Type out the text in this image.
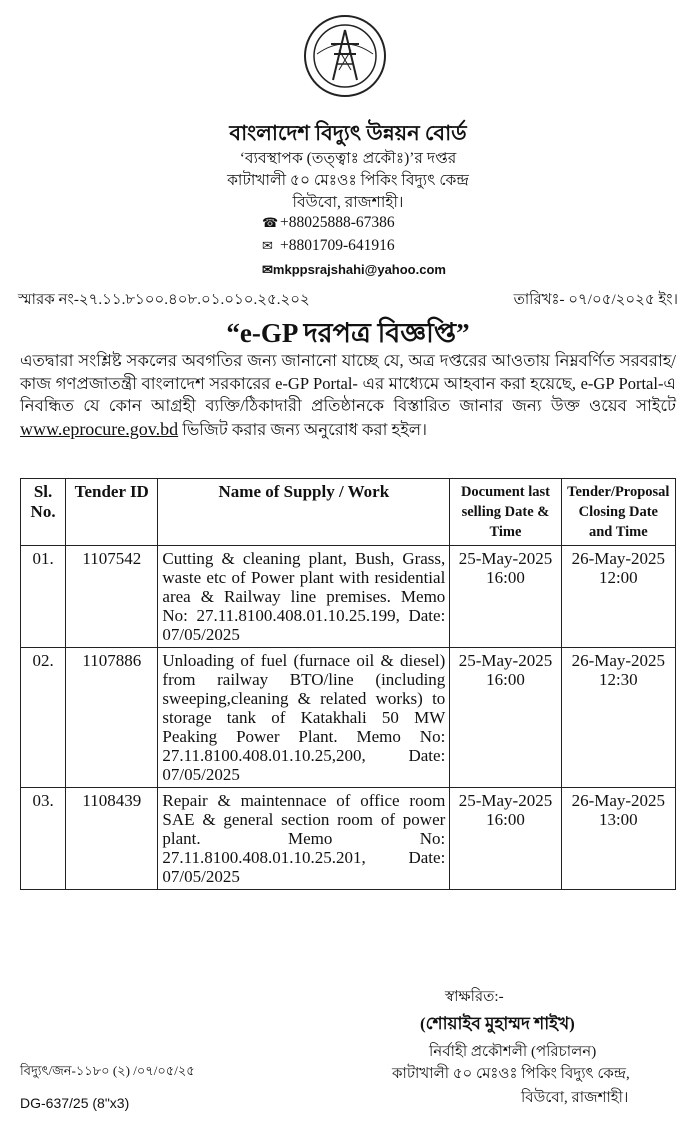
বাংলাদেশ বিদ্যুৎ উন্নয়ন বোর্ড
‘ব্যবস্থাপক (তত্ত্বাঃ প্রকৌঃ)’র দপ্তর
কাটাখালী ৫০ মেঃওঃ পিকিং বিদ্যুৎ কেন্দ্র
বিউবো, রাজশাহী।
☎ +88025888-67386
✉ +8801709-641916
✉mkppsrajshahi@yahoo.com
স্মারক নং-২৭.১১.৮১০০.৪০৮.০১.০১০.২৫.২০২	তারিখঃ- ০৭/০৫/২০২৫ ইং।
“e-GP দরপত্র বিজ্ঞপ্তি”
এতদ্বারা সংশ্লিষ্ট সকলের অবগতির জন্য জানানো যাচ্ছে যে, অত্র দপ্তরের আওতায় নিম্নবর্ণিত সরবরাহ/কাজ গণপ্রজাতন্ত্রী বাংলাদেশ সরকারের e-GP Portal- এর মাধ্যেমে আহবান করা হয়েছে, e-GP Portal-এ নিবন্ধিত যে কোন আগ্রহী ব্যক্তি/ঠিকাদারী প্রতিষ্ঠানকে বিস্তারিত জানার জন্য উক্ত ওয়েব সাইটে www.eprocure.gov.bd ভিজিট করার জন্য অনুরোধ করা হইল।
Sl. No.	Tender ID	Name of Supply / Work	Document last selling Date & Time	Tender/Proposal Closing Date and Time
01.	1107542	Cutting & cleaning plant, Bush, Grass, waste etc of Power plant with residential area & Railway line premises. Memo No: 27.11.8100.408.01.10.25.199, Date: 07/05/2025	25-May-2025 16:00	26-May-2025 12:00
02.	1107886	Unloading of fuel (furnace oil & diesel) from railway BTO/line (including sweeping,cleaning & related works) to storage tank of Katakhali 50 MW Peaking Power Plant. Memo No: 27.11.8100.408.01.10.25,200, Date: 07/05/2025	25-May-2025 16:00	26-May-2025 12:30
03.	1108439	Repair & maintennace of office room SAE & general section room of power plant. Memo No: 27.11.8100.408.01.10.25.201, Date: 07/05/2025	25-May-2025 16:00	26-May-2025 13:00
স্বাক্ষরিত:-
(শোয়াইব মুহাম্মদ শাইখ)
নির্বাহী প্রকৌশলী (পরিচালন)
কাটাখালী ৫০ মেঃওঃ পিকিং বিদ্যুৎ কেন্দ্র,
বিউবো, রাজশাহী।
বিদ্যুৎ/জন-১১৮০ (২) /০৭/০৫/২৫
DG-637/25 (8"x3)
